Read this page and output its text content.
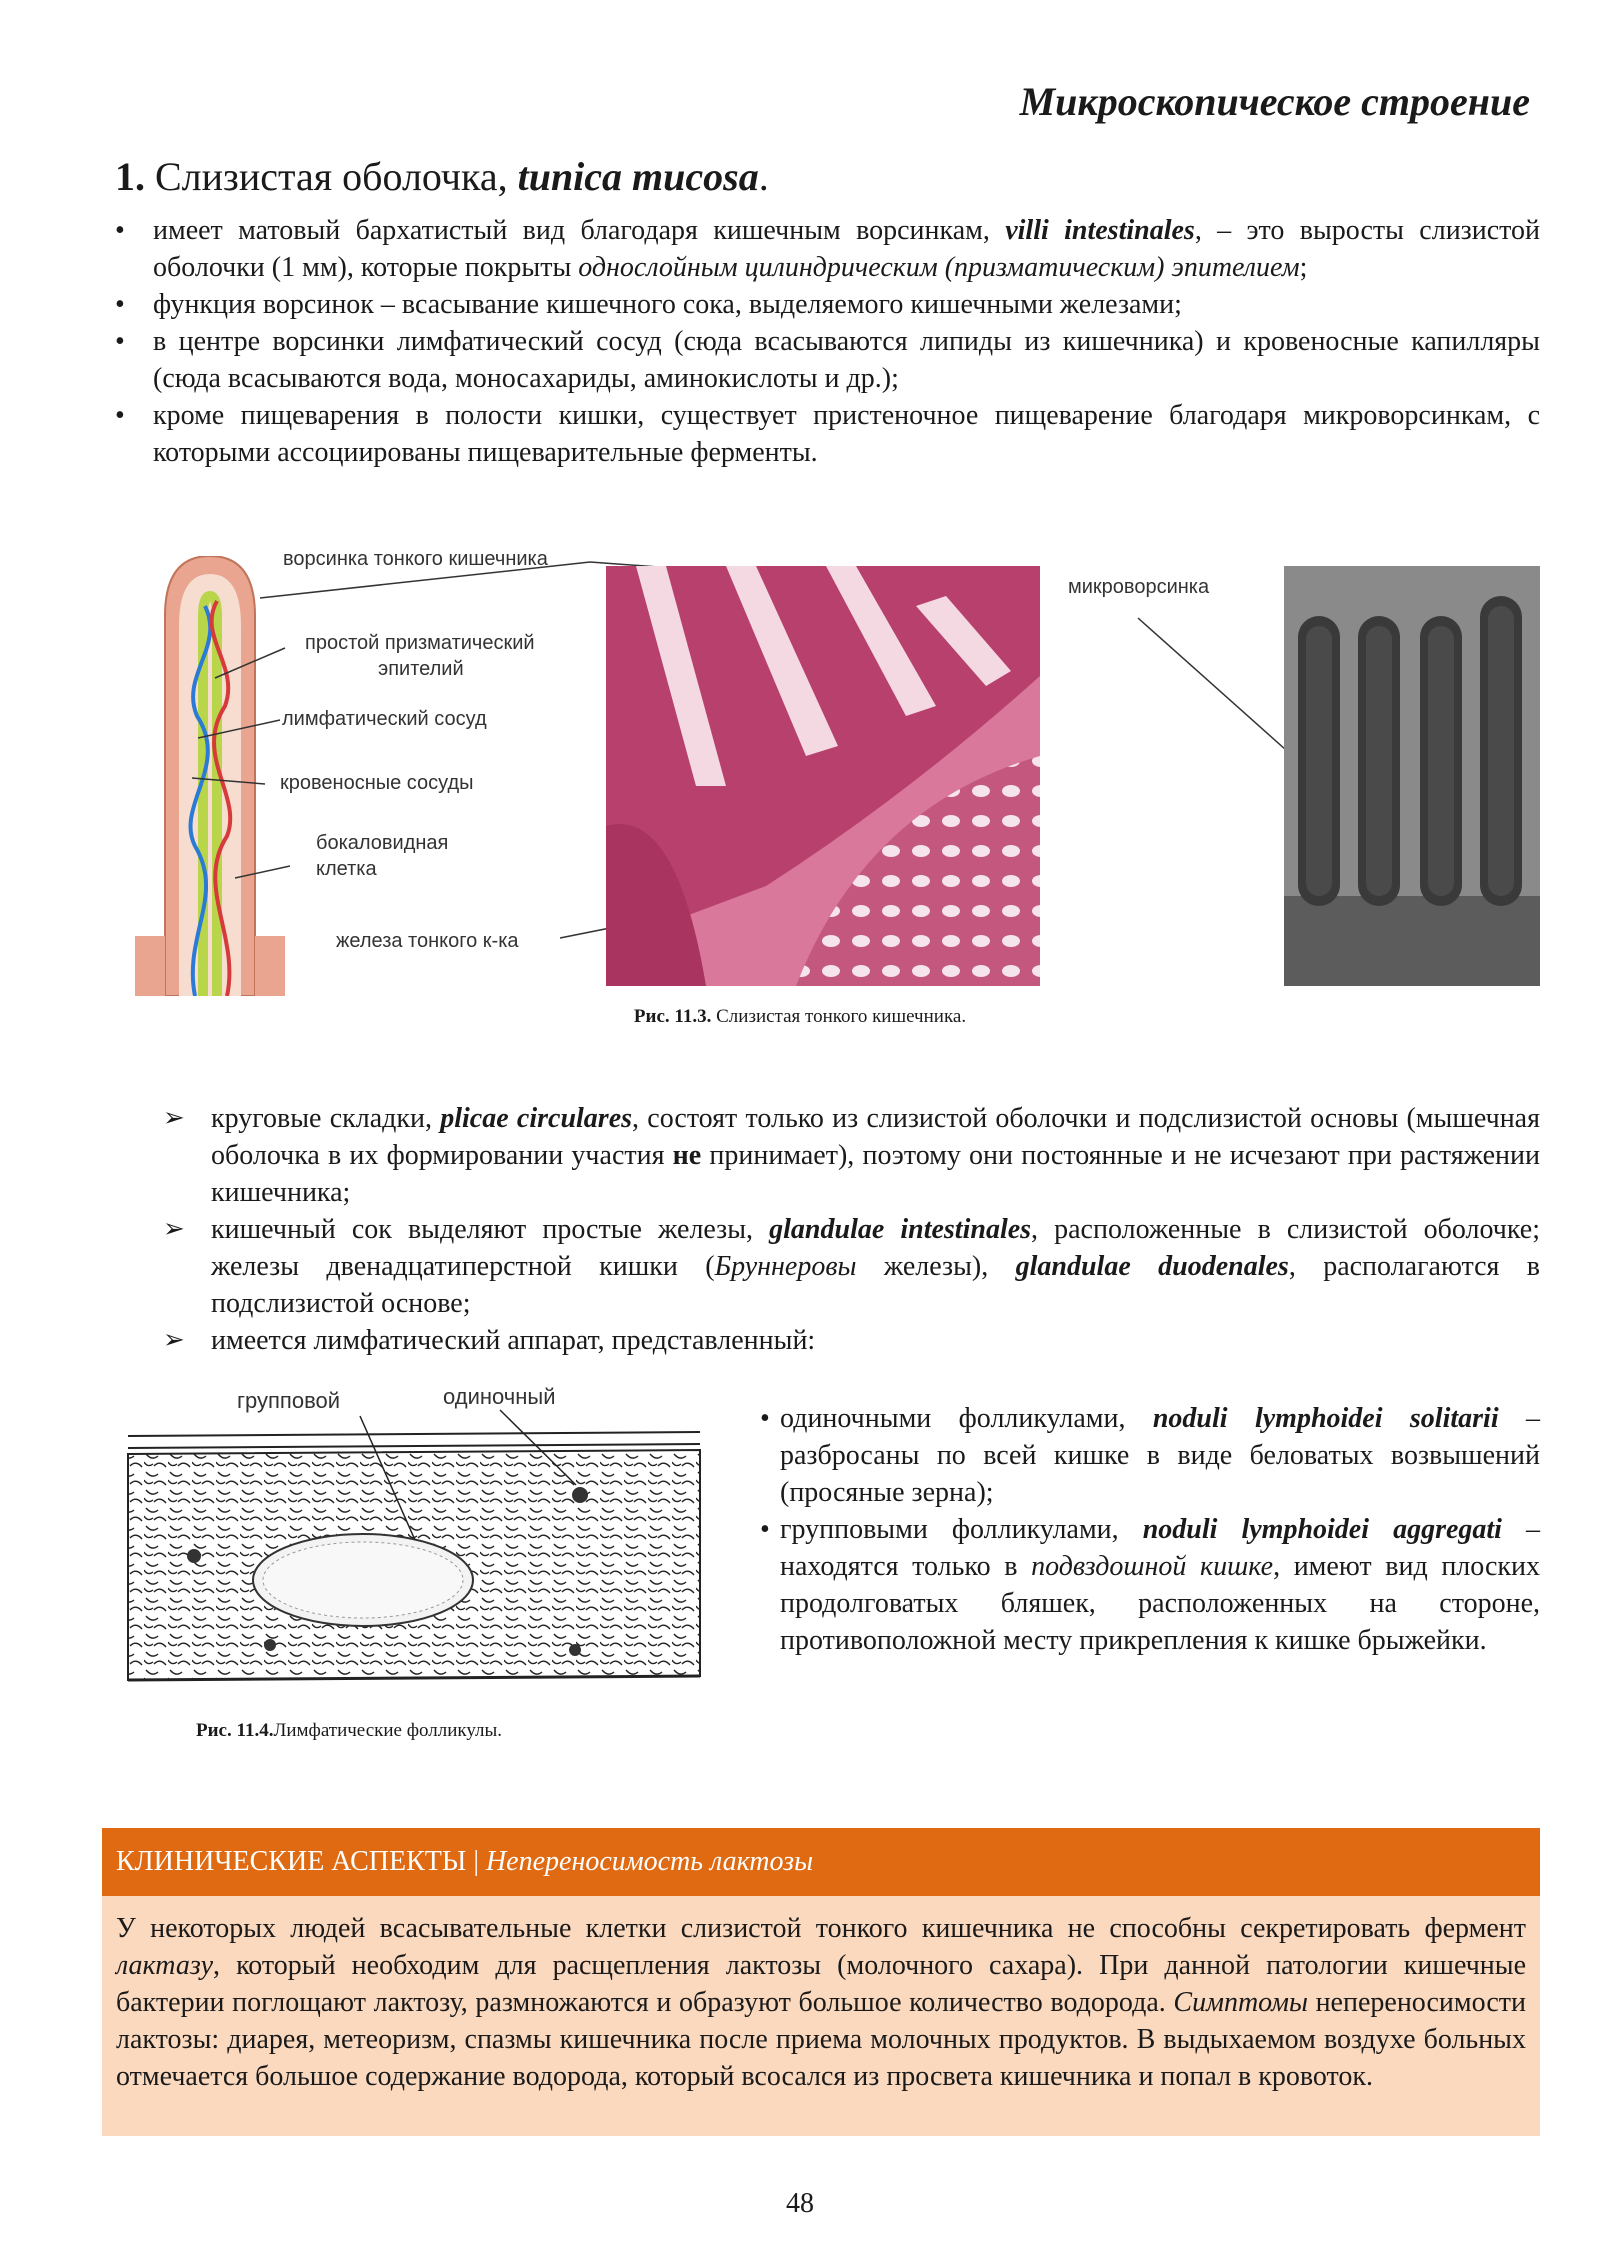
Микроскопическое строение
1. Слизистая оболочка, tunica mucosa.
• имеет матовый бархатистый вид благодаря кишечным ворсинкам, villi intestinales, – это выросты слизистой оболочки (1 мм), которые покрыты однослойным цилиндрическим (призматическим) эпителием;
• функция ворсинок – всасывание кишечного сока, выделяемого кишечными железами;
• в центре ворсинки лимфатический сосуд (сюда всасываются липиды из кишечника) и кровеносные капилляры (сюда всасываются вода, моносахариды, аминокислоты и др.);
• кроме пищеварения в полости кишки, существует пристеночное пищеварение благодаря микроворсинкам, с которыми ассоциированы пищеварительные ферменты.
ворсинка тонкого кишечника
простой призматический
эпителий
лимфатический сосуд
кровеносные сосуды
бокаловидная
клетка
железа тонкого к-ка
микроворсинка
Рис. 11.3. Слизистая тонкого кишечника.
➢ круговые складки, plicae circulares, состоят только из слизистой оболочки и подслизистой основы (мышечная оболочка в их формировании участия не принимает), поэтому они постоянные и не исчезают при растяжении кишечника;
➢ кишечный сок выделяют простые железы, glandulae intestinales, расположенные в слизистой оболочке; железы двенадцатиперстной кишки (Бруннеровы железы), glandulae duodenales, располагаются в подслизистой основе;
➢ имеется лимфатический аппарат, представленный:
групповой	одиночный
Рис. 11.4.Лимфатические фолликулы.
• одиночными фолликулами, noduli lymphoidei solitarii – разбросаны по всей кишке в виде беловатых возвышений (просяные зерна);
• групповыми фолликулами, noduli lymphoidei aggregati – находятся только в подвздошной кишке, имеют вид плоских продолговатых бляшек, расположенных на стороне, противоположной месту прикрепления к кишке брыжейки.
КЛИНИЧЕСКИЕ АСПЕКТЫ | Непереносимость лактозы
У некоторых людей всасывательные клетки слизистой тонкого кишечника не способны секретировать фермент лактазу, который необходим для расщепления лактозы (молочного сахара). При данной патологии кишечные бактерии поглощают лактозу, размножаются и образуют большое количество водорода. Симптомы непереносимости лактозы: диарея, метеоризм, спазмы кишечника после приема молочных продуктов. В выдыхаемом воздухе больных отмечается большое содержание водорода, который всосался из просвета кишечника и попал в кровоток.
48
